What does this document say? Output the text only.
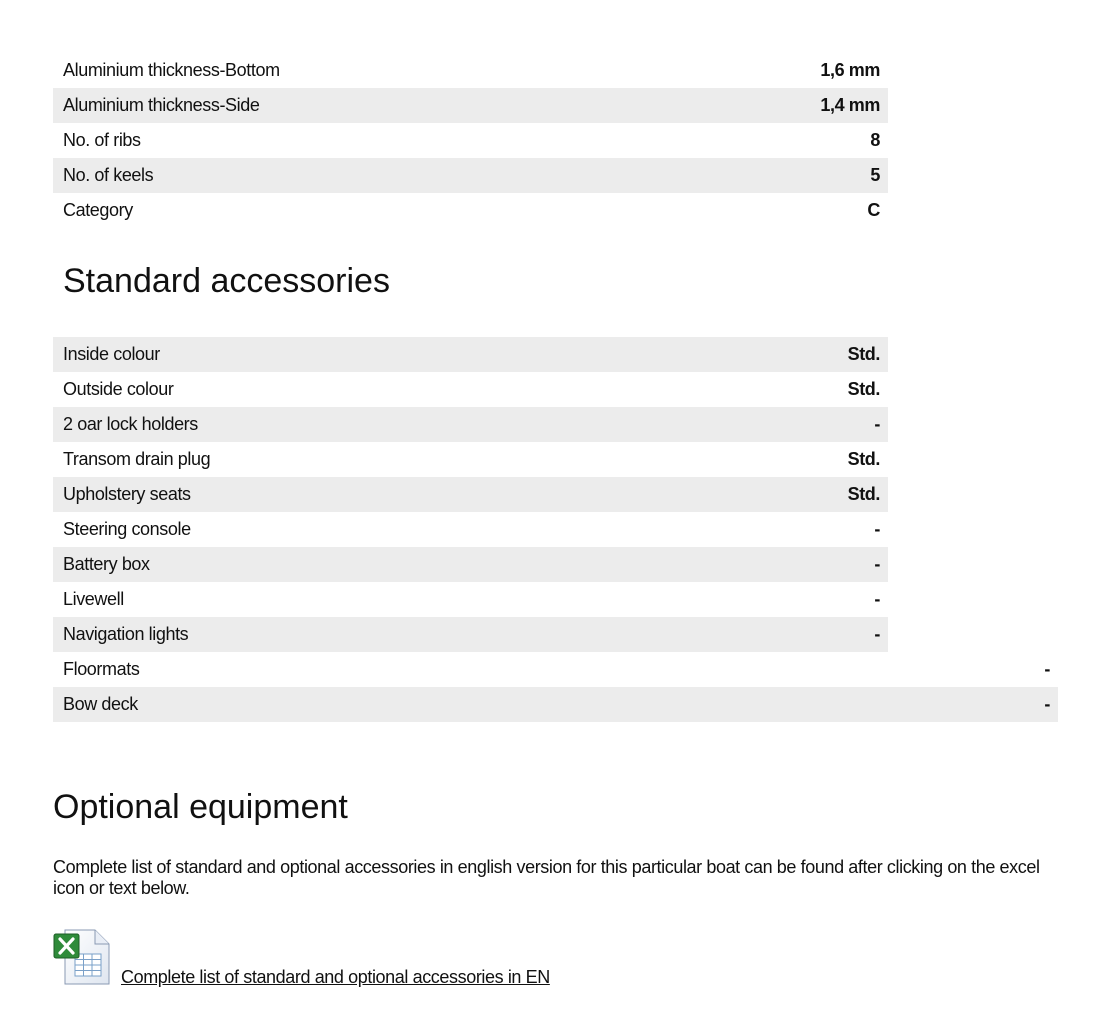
Aluminium thickness-Bottom	1,6 mm
Aluminium thickness-Side	1,4 mm
No. of ribs	8
No. of keels	5
Category	C
Standard accessories
Inside colour	Std.
Outside colour	Std.
2 oar lock holders	-
Transom drain plug	Std.
Upholstery seats	Std.
Steering console	-
Battery box	-
Livewell	-
Navigation lights	-
Floormats	-
Bow deck	-
Optional equipment

Complete list of standard and optional accessories in english version for this particular boat can be found after clicking on the excel icon or text below.

Complete list of standard and optional accessories in EN
